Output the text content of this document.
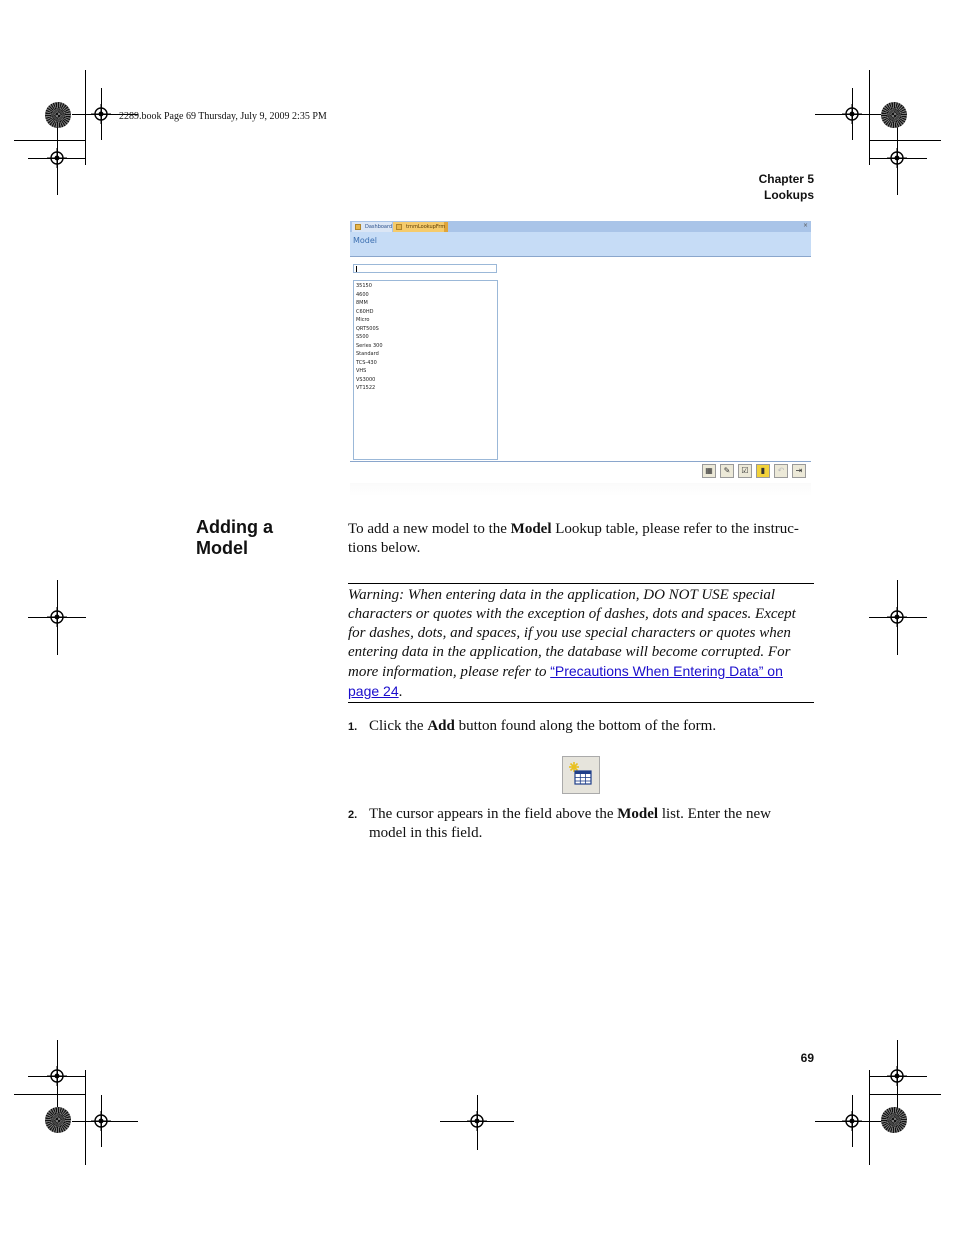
2289.book Page 69 Thursday, July 9, 2009 2:35 PM
Chapter 5
Lookups
Dashboard	trnmLookupFrm	×
Model
35150
4600
8MM
C60HD
Micro
QRT500S
S500
Series 300
Standard
TCS-430
VHS
VS3000
VT1522
▦	✎	☑	▮	↶	⇥
Adding a
Model
To add a new model to the Model Lookup table, please refer to the instruc-
tions below.
Warning: When entering data in the application, DO NOT USE special
characters or quotes with the exception of dashes, dots and spaces. Except
for dashes, dots, and spaces, if you use special characters or quotes when
entering data in the application, the database will become corrupted. For
more information, please refer to “Precautions When Entering Data” on
page 24.
1. Click the Add button found along the bottom of the form.
2. The cursor appears in the field above the Model list. Enter the new
model in this field.
69
